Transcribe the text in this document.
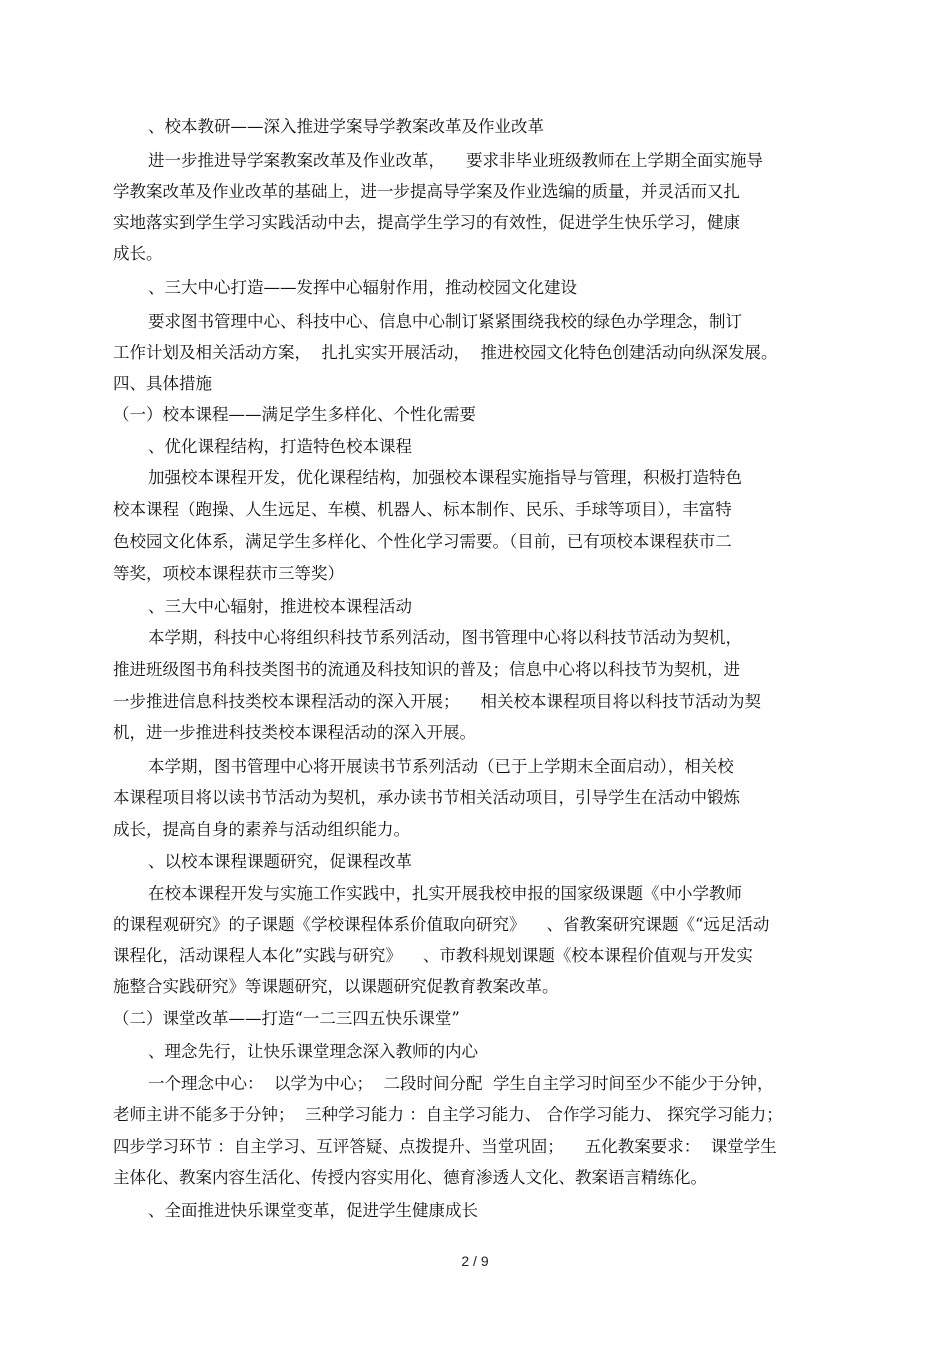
、校本教研——深入推进学案导学教案改革及作业改革
进一步推进导学案教案改革及作业改革，    要求非毕业班级教师在上学期全面实施导
学教案改革及作业改革的基础上，进一步提高导学案及作业选编的质量，并灵活而又扎
实地落实到学生学习实践活动中去，提高学生学习的有效性，促进学生快乐学习，健康
成长。
、三大中心打造——发挥中心辐射作用，推动校园文化建设
要求图书管理中心、科技中心、信息中心制订紧紧围绕我校的绿色办学理念，制订
工作计划及相关活动方案，  扎扎实实开展活动，  推进校园文化特色创建活动向纵深发展。
四、具体措施
（一）校本课程——满足学生多样化、个性化需要
、优化课程结构，打造特色校本课程
加强校本课程开发，优化课程结构，加强校本课程实施指导与管理，积极打造特色
校本课程（跑操、人生远足、车模、机器人、标本制作、民乐、手球等项目），丰富特
色校园文化体系，满足学生多样化、个性化学习需要。（目前，已有项校本课程获市二
等奖，项校本课程获市三等奖）
、三大中心辐射，推进校本课程活动
本学期，科技中心将组织科技节系列活动，图书管理中心将以科技节活动为契机，
推进班级图书角科技类图书的流通及科技知识的普及；信息中心将以科技节为契机，进
一步推进信息科技类校本课程活动的深入开展；    相关校本课程项目将以科技节活动为契
机，进一步推进科技类校本课程活动的深入开展。
本学期，图书管理中心将开展读书节系列活动（已于上学期末全面启动），相关校
本课程项目将以读书节活动为契机，承办读书节相关活动项目，引导学生在活动中锻炼
成长，提高自身的素养与活动组织能力。
、以校本课程课题研究，促课程改革
在校本课程开发与实施工作实践中，扎实开展我校申报的国家级课题《中小学教师
的课程观研究》的子课题《学校课程体系价值取向研究》    、省教案研究课题《“远足活动
课程化，活动课程人本化”实践与研究》    、市教科规划课题《校本课程价值观与开发实
施整合实践研究》等课题研究，以课题研究促教育教案改革。
（二）课堂改革——打造“一二三四五快乐课堂”
、理念先行，让快乐课堂理念深入教师的内心
一个理念中心：  以学为中心；  二段时间分配  学生自主学习时间至少不能少于分钟，
老师主讲不能多于分钟；  三种学习能力 ：自主学习能力、 合作学习能力、 探究学习能力；
四步学习环节 ：自主学习、互评答疑、点拨提升、当堂巩固；    五化教案要求：  课堂学生
主体化、教案内容生活化、传授内容实用化、德育渗透人文化、教案语言精练化。
、全面推进快乐课堂变革，促进学生健康成长
2 / 9
